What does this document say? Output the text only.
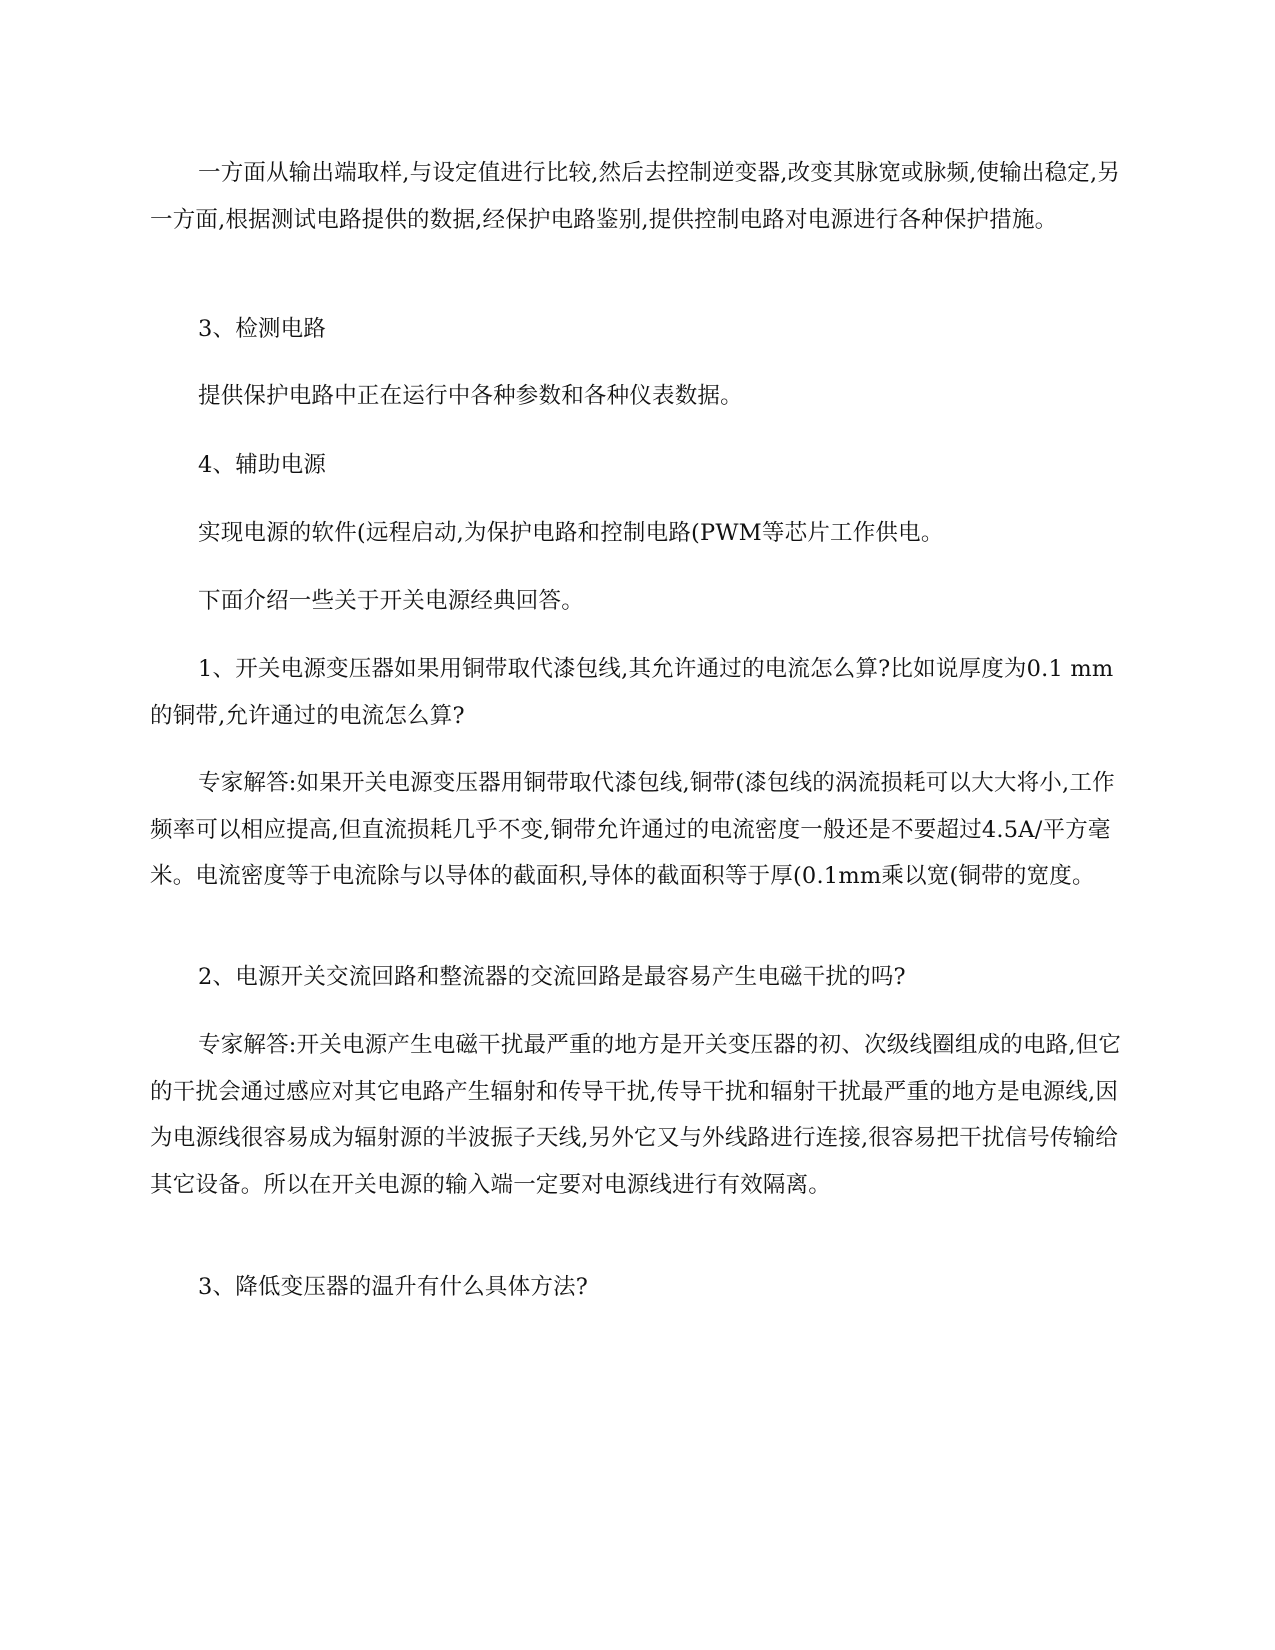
一方面从输出端取样,与设定值进行比较,然后去控制逆变器,改变其脉宽或脉频,使输出稳定,另一方面,根据测试电路提供的数据,经保护电路鉴别,提供控制电路对电源进行各种保护措施。

3、检测电路

提供保护电路中正在运行中各种参数和各种仪表数据。

4、辅助电源

实现电源的软件(远程启动,为保护电路和控制电路(PWM等芯片工作供电。

下面介绍一些关于开关电源经典回答。

1、开关电源变压器如果用铜带取代漆包线,其允许通过的电流怎么算?比如说厚度为0.1 mm的铜带,允许通过的电流怎么算?

专家解答:如果开关电源变压器用铜带取代漆包线,铜带(漆包线的涡流损耗可以大大将小,工作频率可以相应提高,但直流损耗几乎不变,铜带允许通过的电流密度一般还是不要超过4.5A/平方毫米。电流密度等于电流除与以导体的截面积,导体的截面积等于厚(0.1mm乘以宽(铜带的宽度。

2、电源开关交流回路和整流器的交流回路是最容易产生电磁干扰的吗?

专家解答:开关电源产生电磁干扰最严重的地方是开关变压器的初、次级线圈组成的电路,但它的干扰会通过感应对其它电路产生辐射和传导干扰,传导干扰和辐射干扰最严重的地方是电源线,因为电源线很容易成为辐射源的半波振子天线,另外它又与外线路进行连接,很容易把干扰信号传输给其它设备。所以在开关电源的输入端一定要对电源线进行有效隔离。

3、降低变压器的温升有什么具体方法?
